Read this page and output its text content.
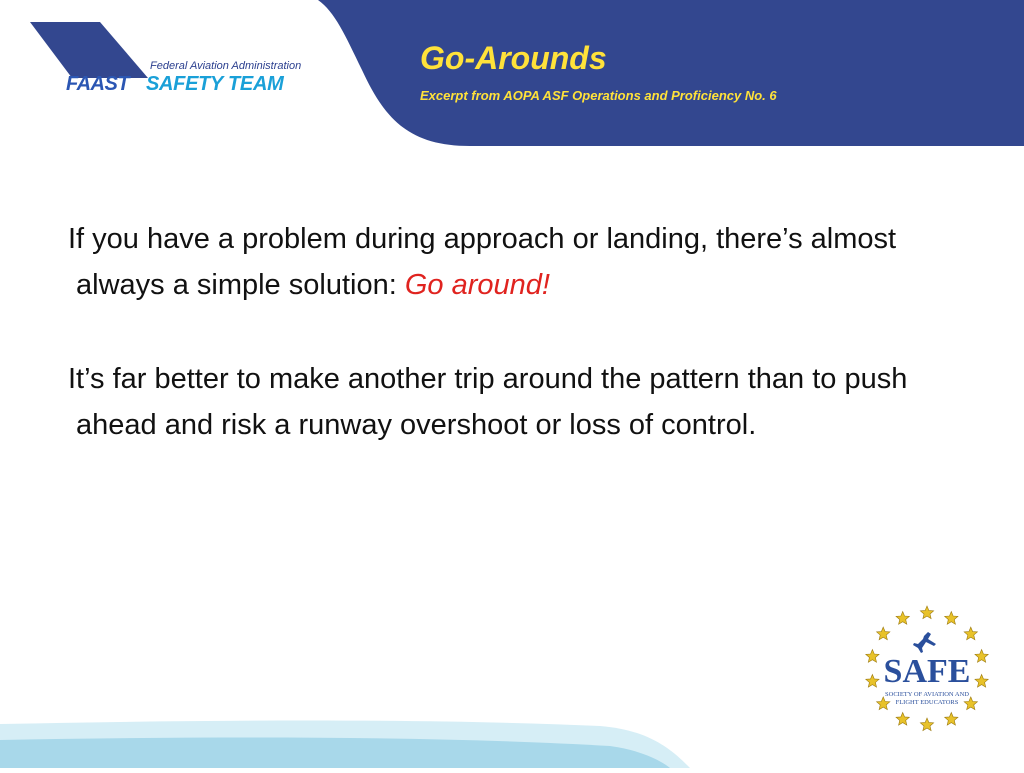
Federal Aviation Administration
FAAST SAFETY TEAM
Go-Arounds

Excerpt from AOPA ASF Operations and Proficiency No. 6

If you have a problem during approach or landing, there’s almost always a simple solution: Go around!

It’s far better to make another trip around the pattern than to push ahead and risk a runway overshoot or loss of control.

SAFE
SOCIETY OF AVIATION AND
FLIGHT EDUCATORS
